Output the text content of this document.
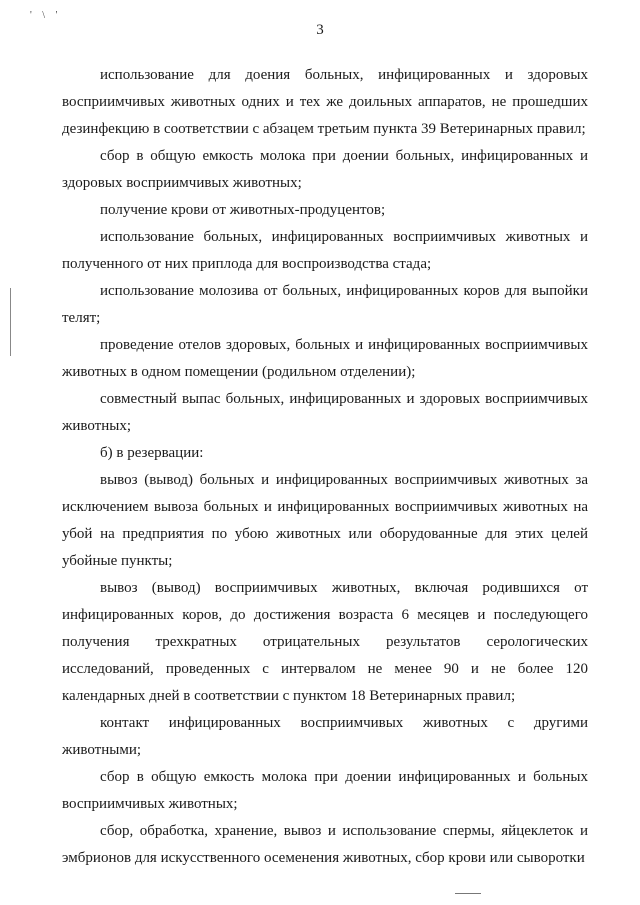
' \ '
3

использование для доения больных, инфицированных и здоровых восприимчивых животных одних и тех же доильных аппаратов, не прошедших дезинфекцию в соответствии с абзацем третьим пункта 39 Ветеринарных правил;

сбор в общую емкость молока при доении больных, инфицированных и здоровых восприимчивых животных;

получение крови от животных-продуцентов;

использование больных, инфицированных восприимчивых животных и полученного от них приплода для воспроизводства стада;

использование молозива от больных, инфицированных коров для выпойки телят;

проведение отелов здоровых, больных и инфицированных восприимчивых животных в одном помещении (родильном отделении);

совместный выпас больных, инфицированных и здоровых восприимчивых животных;

б) в резервации:

вывоз (вывод) больных и инфицированных восприимчивых животных за исключением вывоза больных и инфицированных восприимчивых животных на убой на предприятия по убою животных или оборудованные для этих целей убойные пункты;

вывоз (вывод) восприимчивых животных, включая родившихся от инфицированных коров, до достижения возраста 6 месяцев и последующего получения трехкратных отрицательных результатов серологических исследований, проведенных с интервалом не менее 90 и не более 120 календарных дней в соответствии с пунктом 18 Ветеринарных правил;

контакт инфицированных восприимчивых животных с другими животными;

сбор в общую емкость молока при доении инфицированных и больных восприимчивых животных;

сбор, обработка, хранение, вывоз и использование спермы, яйцеклеток и эмбрионов для искусственного осеменения животных, сбор крови или сыворотки
